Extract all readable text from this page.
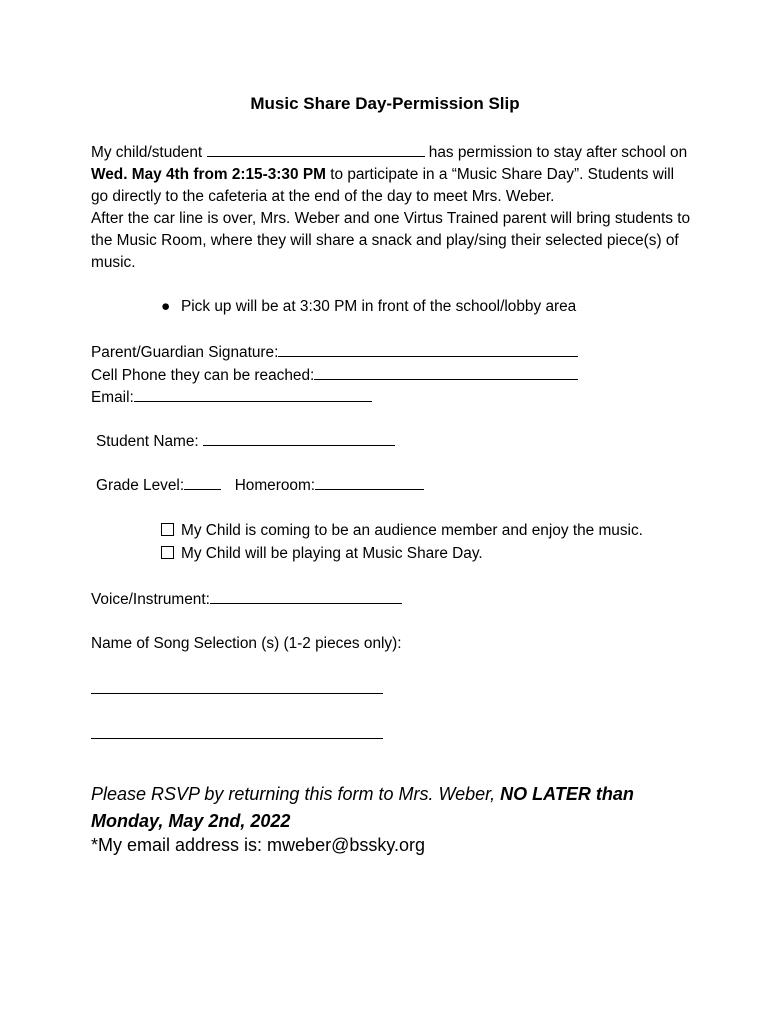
Music Share Day-Permission Slip

My child/student	has permission to stay after school on Wed. May 4th from 2:15-3:30 PM to participate in a “Music Share Day”. Students will go directly to the cafeteria at the end of the day to meet Mrs. Weber.

After the car line is over, Mrs. Weber and one Virtus Trained parent will bring students to the Music Room, where they will share a snack and play/sing their selected piece(s) of music.

● Pick up will be at 3:30 PM in front of the school/lobby area
Parent/Guardian Signature:
Cell Phone they can be reached:
Email:
Student Name:
Grade Level:	Homeroom:
My Child is coming to be an audience member and enjoy the music.
My Child will be playing at Music Share Day.
Voice/Instrument:
Name of Song Selection (s) (1-2 pieces only):
Please RSVP by returning this form to Mrs. Weber, NO LATER than Monday, May 2nd, 2022
*My email address is: mweber@bssky.org
